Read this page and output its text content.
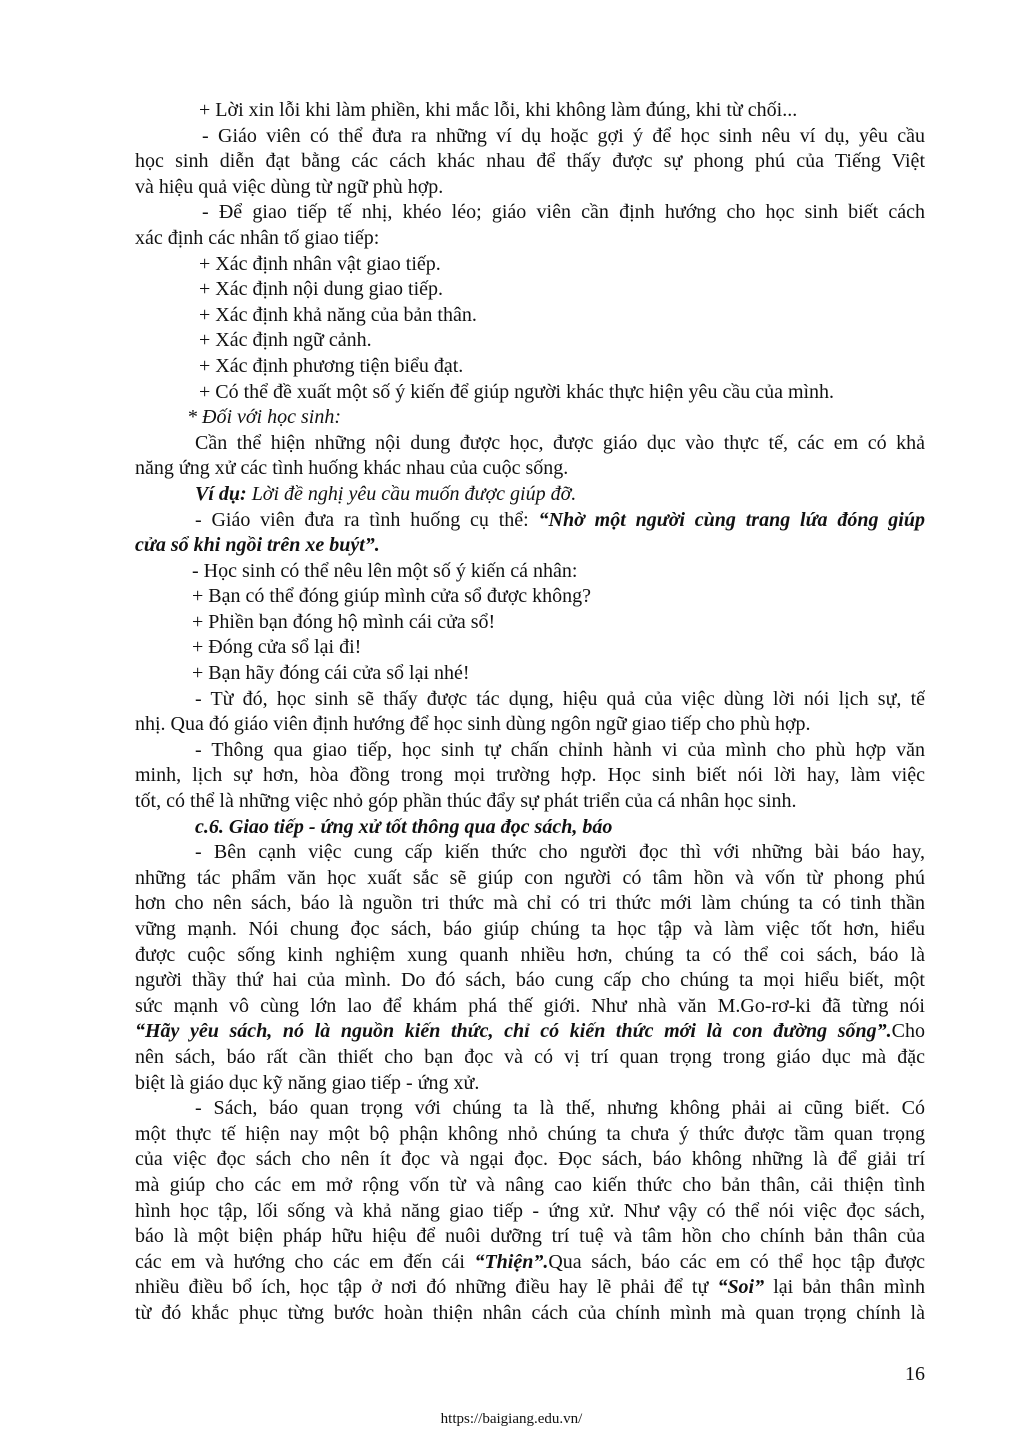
+ Lời xin lỗi khi làm phiền, khi mắc lỗi, khi không làm đúng, khi từ chối...
- Giáo viên có thể đưa ra những ví dụ hoặc gợi ý để học sinh nêu ví dụ, yêu cầu
học sinh diễn đạt bằng các cách khác nhau để thấy được sự phong phú của Tiếng Việt
và hiệu quả việc dùng từ ngữ phù hợp.
- Để giao tiếp tế nhị, khéo léo; giáo viên cần định hướng cho học sinh biết cách
xác định các nhân tố giao tiếp:
+ Xác định nhân vật giao tiếp.
+ Xác định nội dung giao tiếp.
+ Xác định khả năng của bản thân.
+ Xác định ngữ cảnh.
+ Xác định phương tiện biểu đạt.
+ Có thể đề xuất một số ý kiến để giúp người khác thực hiện yêu cầu của mình.
* Đối với học sinh:
Cần thể hiện những nội dung được học, được giáo dục vào thực tế, các em có khả
năng ứng xử các tình huống khác nhau của cuộc sống.
Ví dụ: Lời đề nghị yêu cầu muốn được giúp đỡ.
- Giáo viên đưa ra tình huống cụ thể: “Nhờ một người cùng trang lứa đóng giúp
cửa sổ khi ngồi trên xe buýt”.
- Học sinh có thể nêu lên một số ý kiến cá nhân:
+ Bạn có thể đóng giúp mình cửa sổ được không?
+ Phiền bạn đóng hộ mình cái cửa sổ!
+ Đóng cửa sổ lại đi!
+ Bạn hãy đóng cái cửa sổ lại nhé!
- Từ đó, học sinh sẽ thấy được tác dụng, hiệu quả của việc dùng lời nói lịch sự, tế
nhị. Qua đó giáo viên định hướng để học sinh dùng ngôn ngữ giao tiếp cho phù hợp.
- Thông qua giao tiếp, học sinh tự chấn chỉnh hành vi của mình cho phù hợp văn
minh, lịch sự hơn, hòa đồng trong mọi trường hợp. Học sinh biết nói lời hay, làm việc
tốt, có thể là những việc nhỏ góp phần thúc đẩy sự phát triển của cá nhân học sinh.
c.6. Giao tiếp - ứng xử tốt thông qua đọc sách, báo
- Bên cạnh việc cung cấp kiến thức cho người đọc thì với những bài báo hay,
những tác phẩm văn học xuất sắc sẽ giúp con người có tâm hồn và vốn từ phong phú
hơn cho nên sách, báo là nguồn tri thức mà chỉ có tri thức mới làm chúng ta có tinh thần
vững mạnh. Nói chung đọc sách, báo giúp chúng ta học tập và làm việc tốt hơn, hiểu
được cuộc sống kinh nghiệm xung quanh nhiều hơn, chúng ta có thể coi sách, báo là
người thầy thứ hai của mình. Do đó sách, báo cung cấp cho chúng ta mọi hiểu biết, một
sức mạnh vô cùng lớn lao để khám phá thế giới. Như nhà văn M.Go-rơ-ki đã từng nói
“Hãy yêu sách, nó là nguồn kiến thức, chỉ có kiến thức mới là con đường sống”.Cho
nên sách, báo rất cần thiết cho bạn đọc và có vị trí quan trọng trong giáo dục mà đặc
biệt là giáo dục kỹ năng giao tiếp - ứng xử.
- Sách, báo quan trọng với chúng ta là thế, nhưng không phải ai cũng biết. Có
một thực tế hiện nay một bộ phận không nhỏ chúng ta chưa ý thức được tầm quan trọng
của việc đọc sách cho nên ít đọc và ngại đọc. Đọc sách, báo không những là để giải trí
mà giúp cho các em mở rộng vốn từ và nâng cao kiến thức cho bản thân, cải thiện tình
hình học tập, lối sống và khả năng giao tiếp - ứng xử. Như vậy có thể nói việc đọc sách,
báo là một biện pháp hữu hiệu để nuôi dưỡng trí tuệ và tâm hồn cho chính bản thân của
các em và hướng cho các em đến cái “Thiện”.Qua sách, báo các em có thể học tập được
nhiều điều bổ ích, học tập ở nơi đó những điều hay lẽ phải để tự “Soi” lại bản thân mình
từ đó khắc phục từng bước hoàn thiện nhân cách của chính mình mà quan trọng chính là
16
https://baigiang.edu.vn/
